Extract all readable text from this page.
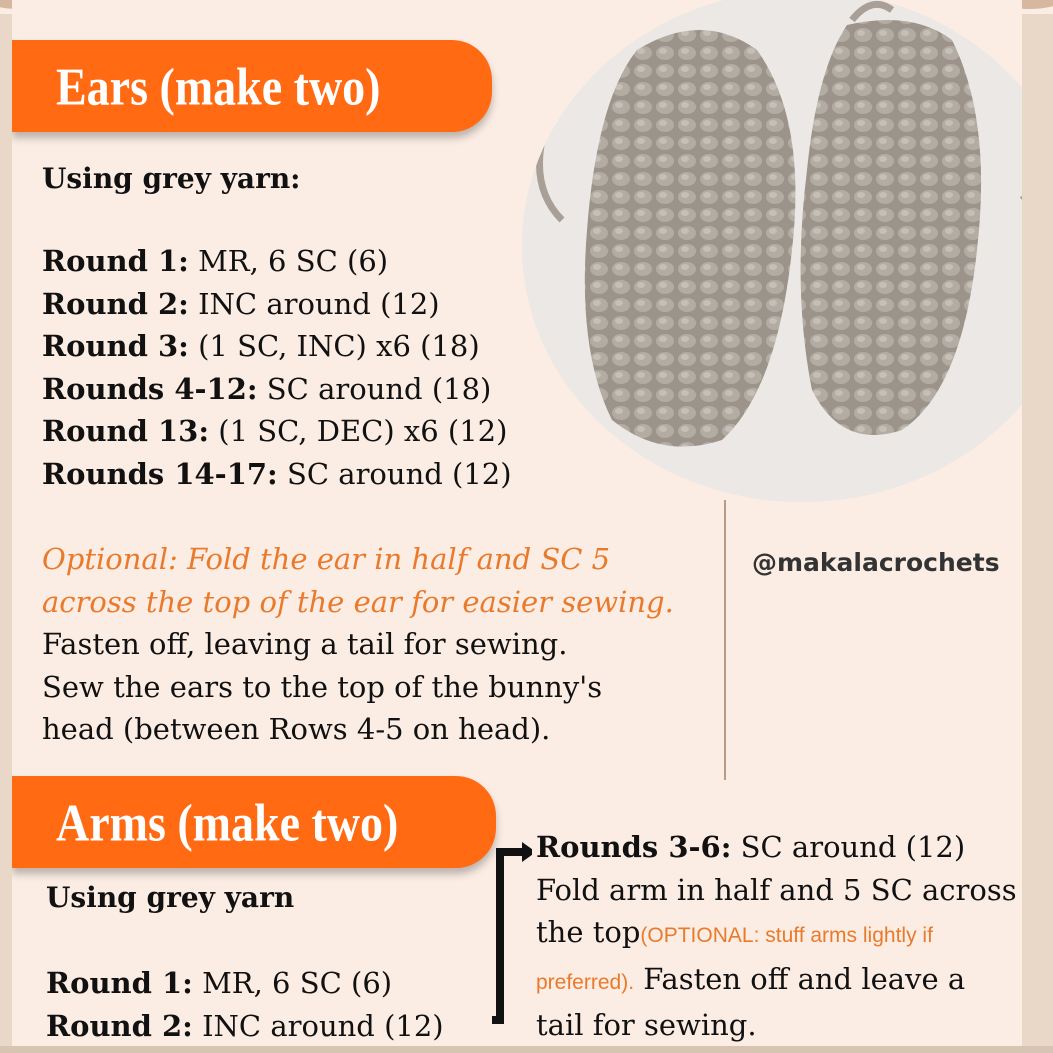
Ears (make two)
Using grey yarn:
Round 1: MR, 6 SC (6)
Round 2: INC around (12)
Round 3: (1 SC, INC) x6 (18)
Rounds 4-12: SC around (18)
Round 13: (1 SC, DEC) x6 (12)
Rounds 14-17: SC around (12)
Optional: Fold the ear in half and SC 5
across the top of the ear for easier sewing.
Fasten off, leaving a tail for sewing.
Sew the ears to the top of the bunny's
head (between Rows 4-5 on head).
@makalacrochets
Arms (make two)
Using grey yarn
Round 1: MR, 6 SC (6)
Round 2: INC around (12)
Rounds 3-6: SC around (12)
Fold arm in half and 5 SC across
the top(OPTIONAL: stuff arms lightly if
preferred). Fasten off and leave a
tail for sewing.
